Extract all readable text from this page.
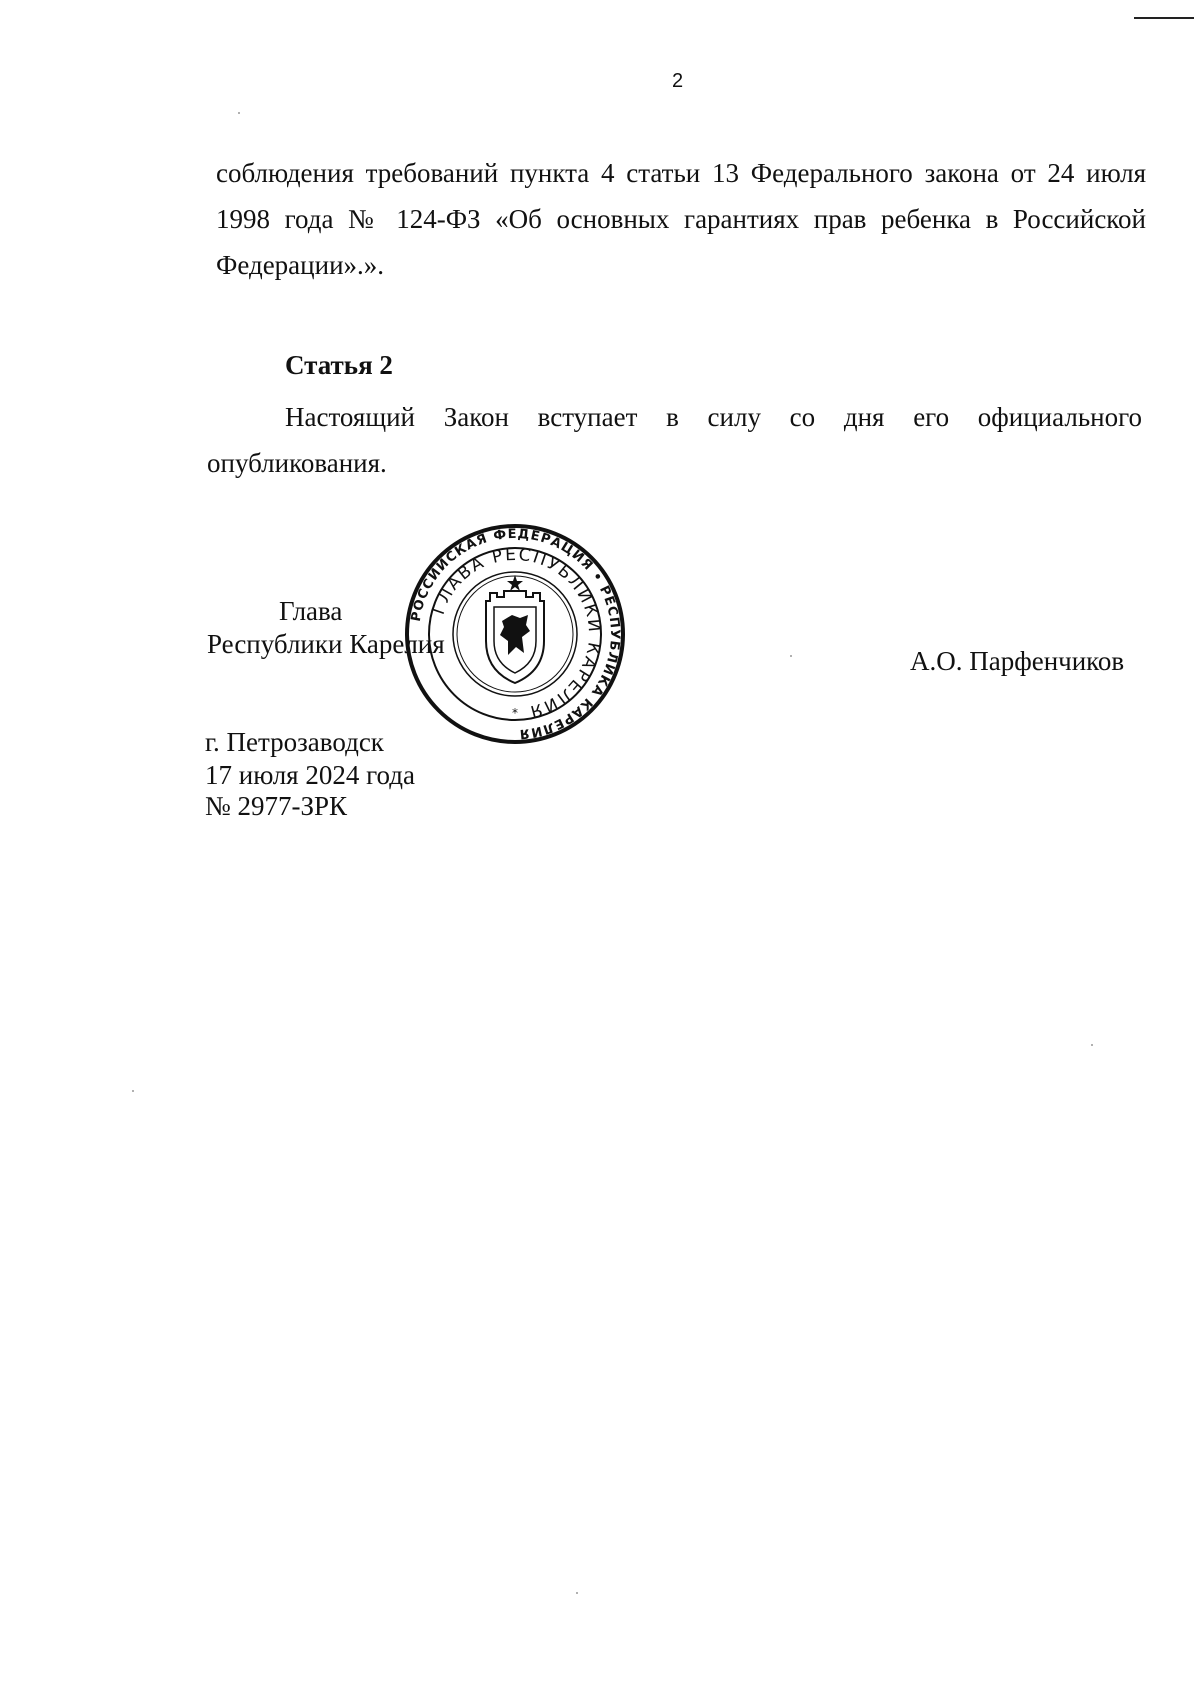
2

соблюдения требований пункта 4 статьи 13 Федерального закона от 24 июля 1998 года № 124-ФЗ «Об основных гарантиях прав ребенка в Российской Федерации».».

Статья 2

Настоящий Закон вступает в силу со дня его официального опубликования.

Глава
Республики Карелия
А.О. Парфенчиков
РОССИЙСКАЯ ФЕДЕРАЦИЯ • РЕСПУБЛИКА КАРЕЛИЯ
ГЛАВА РЕСПУБЛИКИ КАРЕЛИЯ
*
г. Петрозаводск
17 июля 2024 года
№ 2977-ЗРК
